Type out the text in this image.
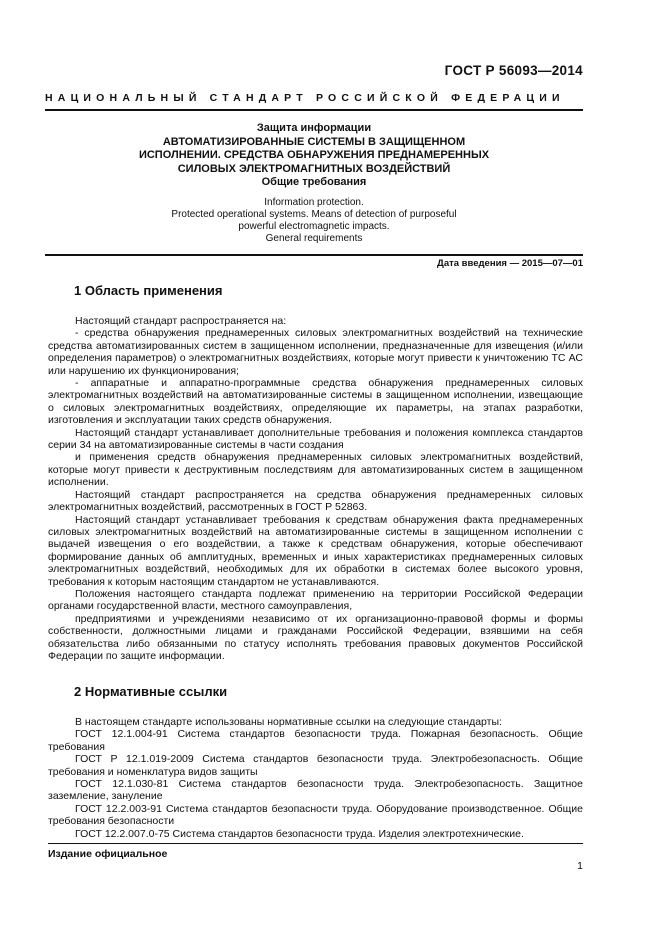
ГОСТ Р 56093—2014
НАЦИОНАЛЬНЫЙ СТАНДАРТ РОССИЙСКОЙ ФЕДЕРАЦИИ
Защита информации
АВТОМАТИЗИРОВАННЫЕ СИСТЕМЫ В ЗАЩИЩЕННОМ
ИСПОЛНЕНИИ. СРЕДСТВА ОБНАРУЖЕНИЯ ПРЕДНАМЕРЕННЫХ
СИЛОВЫХ ЭЛЕКТРОМАГНИТНЫХ ВОЗДЕЙСТВИЙ
Общие требования
Information protection.
Protected operational systems. Means of detection of purposeful
powerful electromagnetic impacts.
General requirements
Дата введения — 2015—07—01
1 Область применения

Настоящий стандарт распространяется на:

- средства обнаружения преднамеренных силовых электромагнитных воздействий на технические средства автоматизированных систем в защищенном исполнении, предназначенные для извещения (и/или определения параметров) о электромагнитных воздействиях, которые могут привести к уничтожению ТС АС или нарушению их функционирования;

- аппаратные и аппаратно-программные средства обнаружения преднамеренных силовых электромагнитных воздействий на автоматизированные системы в защищенном исполнении, извещающие о силовых электромагнитных воздействиях, определяющие их параметры, на этапах разработки, изготовления и эксплуатации таких средств обнаружения.

Настоящий стандарт устанавливает дополнительные требования и положения комплекса стандартов серии 34 на автоматизированные системы в части создания

и применения средств обнаружения преднамеренных силовых электромагнитных воздействий, которые могут привести к деструктивным последствиям для автоматизированных систем в защищенном исполнении.

Настоящий стандарт распространяется на средства обнаружения преднамеренных силовых электромагнитных воздействий, рассмотренных в ГОСТ Р 52863.

Настоящий стандарт устанавливает требования к средствам обнаружения факта преднамеренных силовых электромагнитных воздействий на автоматизированные системы в защищенном исполнении с выдачей извещения о его воздействии, а также к средствам обнаружения, которые обеспечивают формирование данных об амплитудных, временных и иных характеристиках преднамеренных силовых электромагнитных воздействий, необходимых для их обработки в системах более высокого уровня, требования к которым настоящим стандартом не устанавливаются.

Положения настоящего стандарта подлежат применению на территории Российской Федерации органами государственной власти, местного самоуправления,

предприятиями и учреждениями независимо от их организационно-правовой формы и формы собственности, должностными лицами и гражданами Российской Федерации, взявшими на себя обязательства либо обязанными по статусу исполнять требования правовых документов Российской Федерации по защите информации.

2 Нормативные ссылки

В настоящем стандарте использованы нормативные ссылки на следующие стандарты:

ГОСТ 12.1.004-91 Система стандартов безопасности труда. Пожарная безопасность. Общие требования

ГОСТ Р 12.1.019-2009 Система стандартов безопасности труда. Электробезопасность. Общие требования и номенклатура видов защиты

ГОСТ 12.1.030-81 Система стандартов безопасности труда. Электробезопасность. Защитное заземление, зануление

ГОСТ 12.2.003-91 Система стандартов безопасности труда. Оборудование производственное. Общие требования безопасности

ГОСТ 12.2.007.0-75 Система стандартов безопасности труда. Изделия электротехнические.

Издание официальное
1
